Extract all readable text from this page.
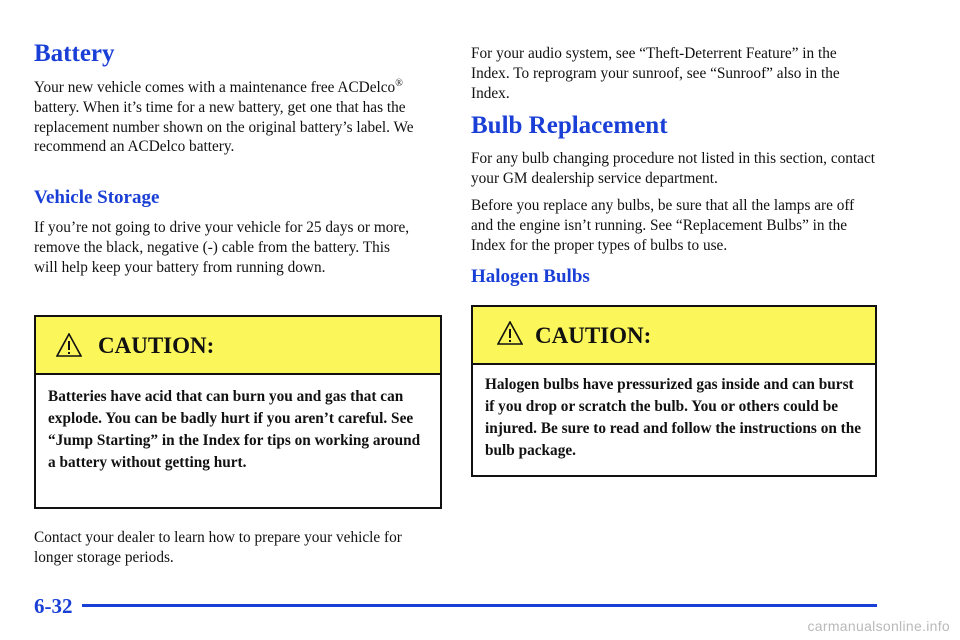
Battery

Your new vehicle comes with a maintenance free ACDelco® battery. When it’s time for a new battery, get one that has the replacement number shown on the original battery’s label. We recommend an ACDelco battery.

Vehicle Storage

If you’re not going to drive your vehicle for 25 days or more, remove the black, negative (-) cable from the battery. This will help keep your battery from running down.

CAUTION:
Batteries have acid that can burn you and gas that can explode. You can be badly hurt if you aren’t careful. See “Jump Starting” in the Index for tips on working around a battery without getting hurt.

Contact your dealer to learn how to prepare your vehicle for longer storage periods.

For your audio system, see “Theft-Deterrent Feature” in the Index. To reprogram your sunroof, see “Sunroof” also in the Index.

Bulb Replacement

For any bulb changing procedure not listed in this section, contact your GM dealership service department.

Before you replace any bulbs, be sure that all the lamps are off and the engine isn’t running. See “Replacement Bulbs” in the Index for the proper types of bulbs to use.

Halogen Bulbs
CAUTION:
Halogen bulbs have pressurized gas inside and can burst if you drop or scratch the bulb. You or others could be injured. Be sure to read and follow the instructions on the bulb package.
6-32
carmanualsonline.info
